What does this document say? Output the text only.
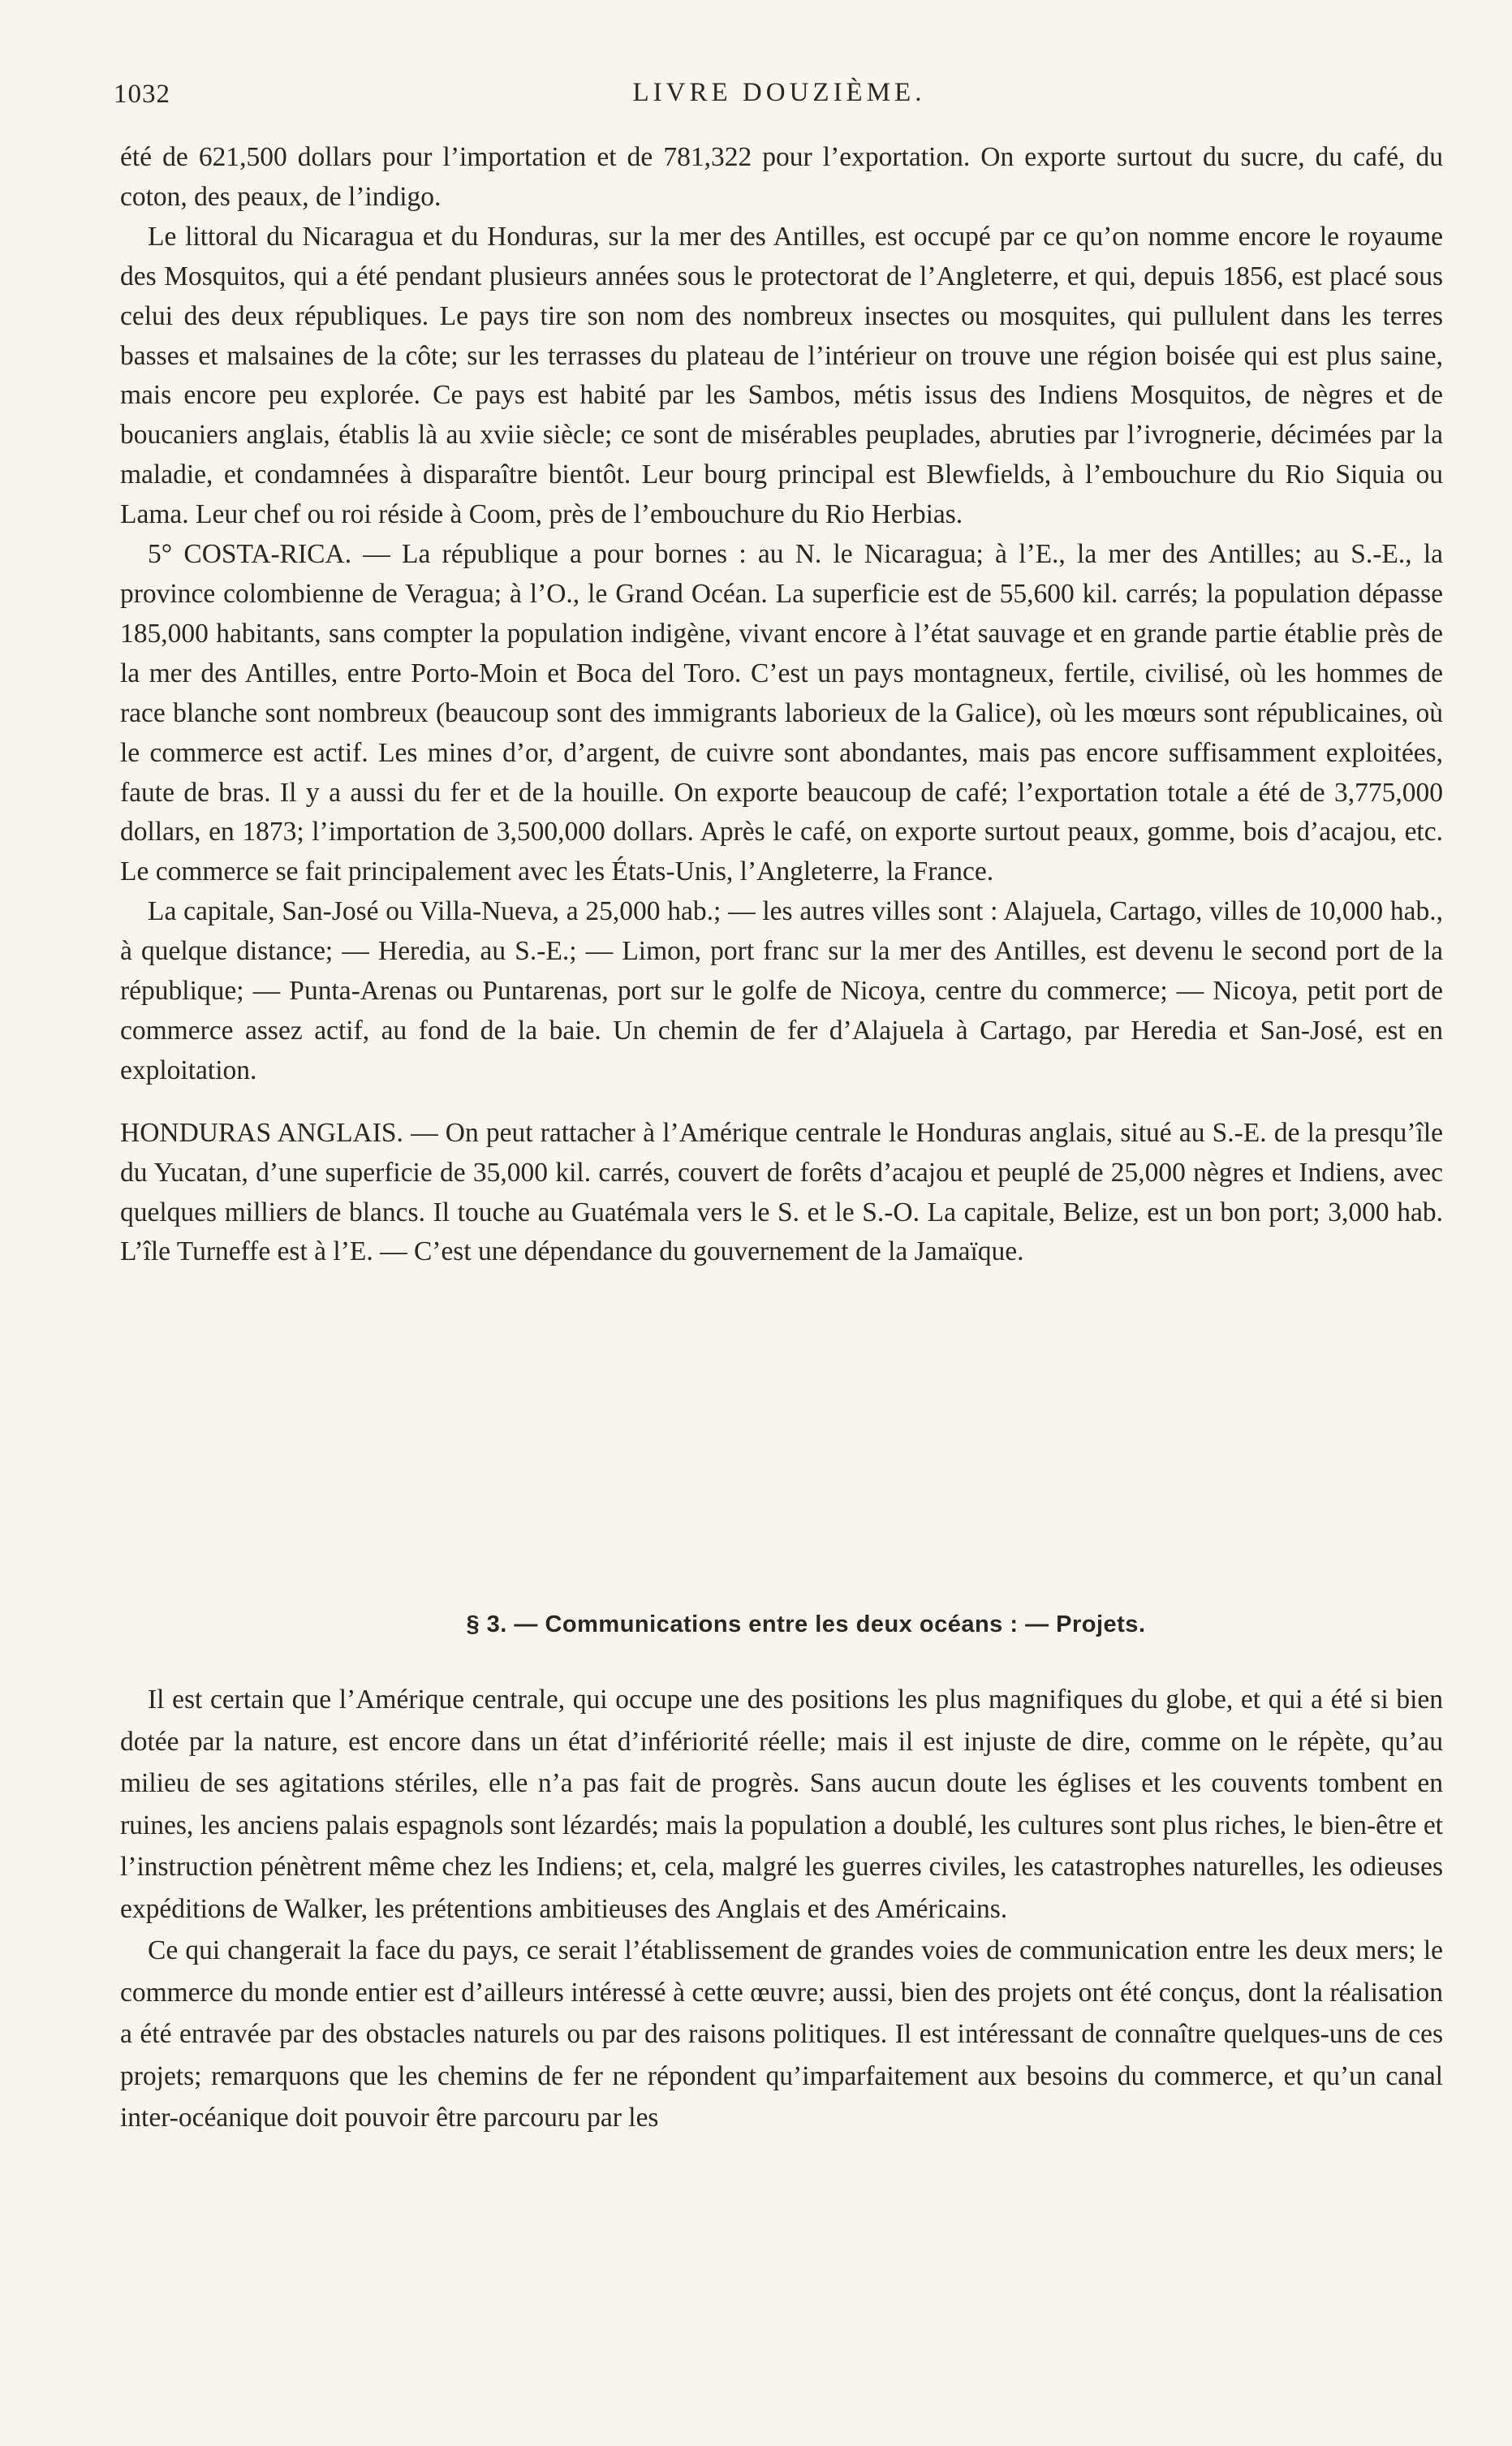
1032	LIVRE DOUZIÈME.

été de 621,500 dollars pour l’importation et de 781,322 pour l’exportation. On exporte surtout du sucre, du café, du coton, des peaux, de l’indigo.

Le littoral du Nicaragua et du Honduras, sur la mer des Antilles, est occupé par ce qu’on nomme encore le royaume des Mosquitos, qui a été pendant plusieurs années sous le protectorat de l’Angleterre, et qui, depuis 1856, est placé sous celui des deux républiques. Le pays tire son nom des nombreux insectes ou mosquites, qui pullulent dans les terres basses et malsaines de la côte; sur les terrasses du plateau de l’intérieur on trouve une région boisée qui est plus saine, mais encore peu explorée. Ce pays est habité par les Sambos, métis issus des Indiens Mosquitos, de nègres et de boucaniers anglais, établis là au xviie siècle; ce sont de misérables peuplades, abruties par l’ivrognerie, décimées par la maladie, et condamnées à disparaître bientôt. Leur bourg principal est Blewfields, à l’embouchure du Rio Siquia ou Lama. Leur chef ou roi réside à Coom, près de l’embouchure du Rio Herbias.

5° COSTA-RICA. — La république a pour bornes : au N. le Nicaragua; à l’E., la mer des Antilles; au S.-E., la province colombienne de Veragua; à l’O., le Grand Océan. La superficie est de 55,600 kil. carrés; la population dépasse 185,000 habitants, sans compter la population indigène, vivant encore à l’état sauvage et en grande partie établie près de la mer des Antilles, entre Porto-Moin et Boca del Toro. C’est un pays montagneux, fertile, civilisé, où les hommes de race blanche sont nombreux (beaucoup sont des immigrants laborieux de la Galice), où les mœurs sont républicaines, où le commerce est actif. Les mines d’or, d’argent, de cuivre sont abondantes, mais pas encore suffisamment exploitées, faute de bras. Il y a aussi du fer et de la houille. On exporte beaucoup de café; l’exportation totale a été de 3,775,000 dollars, en 1873; l’importation de 3,500,000 dollars. Après le café, on exporte surtout peaux, gomme, bois d’acajou, etc. Le commerce se fait principalement avec les États-Unis, l’Angleterre, la France.

La capitale, San-José ou Villa-Nueva, a 25,000 hab.; — les autres villes sont : Alajuela, Cartago, villes de 10,000 hab., à quelque distance; — Heredia, au S.-E.; — Limon, port franc sur la mer des Antilles, est devenu le second port de la république; — Punta-Arenas ou Puntarenas, port sur le golfe de Nicoya, centre du commerce; — Nicoya, petit port de commerce assez actif, au fond de la baie. Un chemin de fer d’Alajuela à Cartago, par Heredia et San-José, est en exploitation.

HONDURAS ANGLAIS. — On peut rattacher à l’Amérique centrale le Honduras anglais, situé au S.-E. de la presqu’île du Yucatan, d’une superficie de 35,000 kil. carrés, couvert de forêts d’acajou et peuplé de 25,000 nègres et Indiens, avec quelques milliers de blancs. Il touche au Guatémala vers le S. et le S.-O. La capitale, Belize, est un bon port; 3,000 hab. L’île Turneffe est à l’E. — C’est une dépendance du gouvernement de la Jamaïque.

§ 3. — Communications entre les deux océans : — Projets.

Il est certain que l’Amérique centrale, qui occupe une des positions les plus magnifiques du globe, et qui a été si bien dotée par la nature, est encore dans un état d’infériorité réelle; mais il est injuste de dire, comme on le répète, qu’au milieu de ses agitations stériles, elle n’a pas fait de progrès. Sans aucun doute les églises et les couvents tombent en ruines, les anciens palais espagnols sont lézardés; mais la population a doublé, les cultures sont plus riches, le bien-être et l’instruction pénètrent même chez les Indiens; et, cela, malgré les guerres civiles, les catastrophes naturelles, les odieuses expéditions de Walker, les prétentions ambitieuses des Anglais et des Américains.

Ce qui changerait la face du pays, ce serait l’établissement de grandes voies de communication entre les deux mers; le commerce du monde entier est d’ailleurs intéressé à cette œuvre; aussi, bien des projets ont été conçus, dont la réalisation a été entravée par des obstacles naturels ou par des raisons politiques. Il est intéressant de connaître quelques-uns de ces projets; remarquons que les chemins de fer ne répondent qu’imparfaitement aux besoins du commerce, et qu’un canal inter-océanique doit pouvoir être parcouru par les
